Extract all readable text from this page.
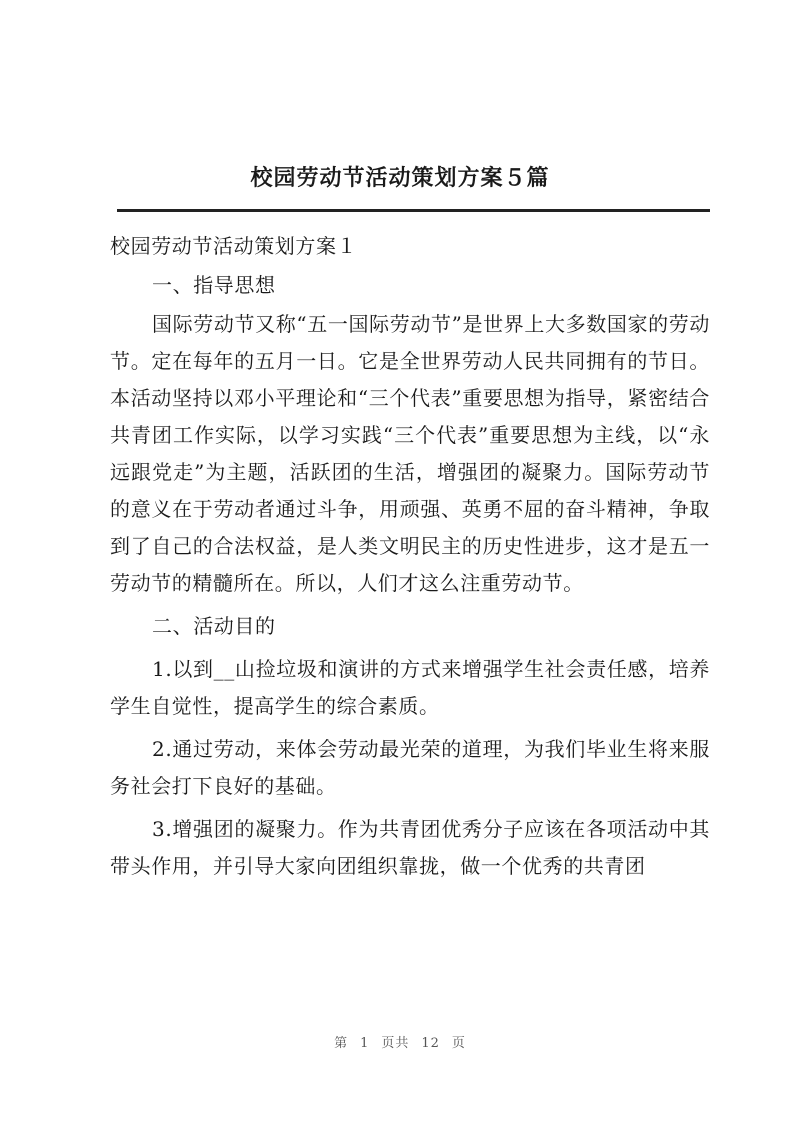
校园劳动节活动策划方案５篇

校园劳动节活动策划方案１

一、指导思想

国际劳动节又称“五一国际劳动节”是世界上大多数国家的劳动节。定在每年的五月一日。它是全世界劳动人民共同拥有的节日。本活动坚持以邓小平理论和“三个代表”重要思想为指导，紧密结合共青团工作实际，以学习实践“三个代表”重要思想为主线，以“永远跟党走”为主题，活跃团的生活，增强团的凝聚力。国际劳动节的意义在于劳动者通过斗争，用顽强、英勇不屈的奋斗精神，争取到了自己的合法权益，是人类文明民主的历史性进步，这才是五一劳动节的精髓所在。所以，人们才这么注重劳动节。

二、活动目的

1.以到__山捡垃圾和演讲的方式来增强学生社会责任感，培养学生自觉性，提高学生的综合素质。

2.通过劳动，来体会劳动最光荣的道理，为我们毕业生将来服务社会打下良好的基础。

3.增强团的凝聚力。作为共青团优秀分子应该在各项活动中其带头作用，并引导大家向团组织靠拢，做一个优秀的共青团

第 1 页共 12 页
